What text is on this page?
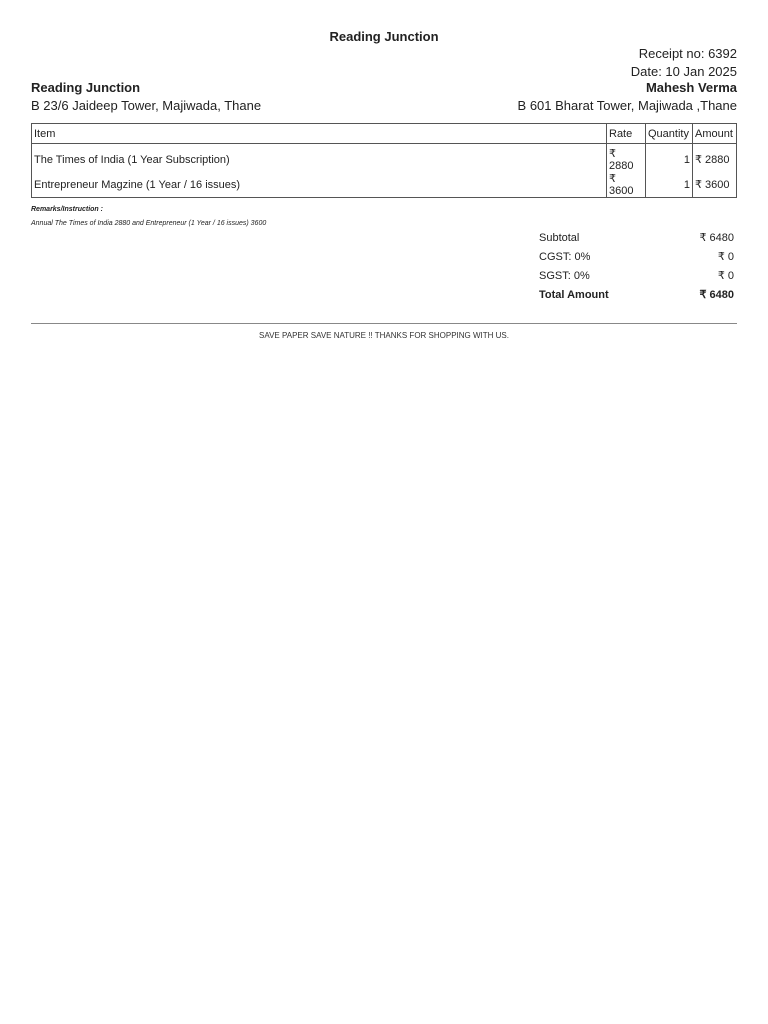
Reading Junction
Receipt no: 6392
Date: 10 Jan 2025
Reading Junction
B 23/6 Jaideep Tower, Majiwada, Thane
Mahesh Verma
B 601 Bharat Tower, Majiwada ,Thane
Item	Rate	Quantity	Amount
The Times of India (1 Year Subscription)	₹ 2880	1	₹ 2880
Entrepreneur Magzine (1 Year / 16 issues)	₹ 3600	1	₹ 3600
Remarks/Instruction :
Annual The Times of India 2880 and Entrepreneur (1 Year / 16 issues) 3600
Subtotal	₹ 6480
CGST: 0%	₹ 0
SGST: 0%	₹ 0
Total Amount	₹ 6480
SAVE PAPER SAVE NATURE !! THANKS FOR SHOPPING WITH US.
